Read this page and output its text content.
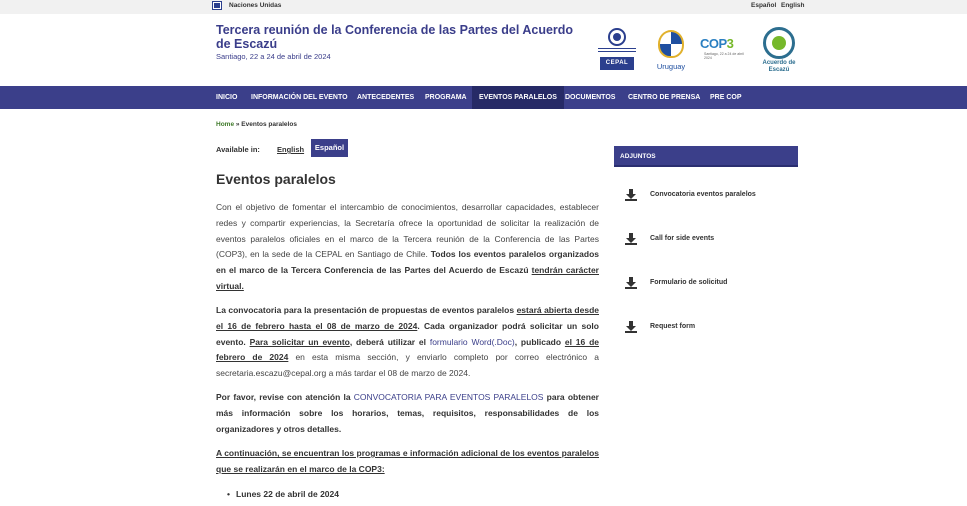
Naciones Unidas	Español English
Tercera reunión de la Conferencia de las Partes del Acuerdo de Escazú
Santiago, 22 a 24 de abril de 2024
CEPAL	Uruguay
COP3
Santiago, 22 a 24 de abril 2024
Acuerdo de Escazú
INICIO	INFORMACIÓN DEL EVENTO	ANTECEDENTES	PROGRAMA	EVENTOS PARALELOS	DOCUMENTOS	CENTRO DE PRENSA	PRE COP
Home » Eventos paralelos
Available in: English	Español
Eventos paralelos
Con el objetivo de fomentar el intercambio de conocimientos, desarrollar capacidades, establecer redes y compartir experiencias, la Secretaría ofrece la oportunidad de solicitar la realización de eventos paralelos oficiales en el marco de la Tercera reunión de la Conferencia de las Partes (COP3), en la sede de la CEPAL en Santiago de Chile. Todos los eventos paralelos organizados en el marco de la Tercera Conferencia de las Partes del Acuerdo de Escazú tendrán carácter virtual.
La convocatoria para la presentación de propuestas de eventos paralelos estará abierta desde el 16 de febrero hasta el 08 de marzo de 2024. Cada organizador podrá solicitar un solo evento. Para solicitar un evento, deberá utilizar el formulario Word(.Doc), publicado el 16 de febrero de 2024 en esta misma sección, y enviarlo completo por correo electrónico a secretaria.escazu@cepal.org a más tardar el 08 de marzo de 2024.
Por favor, revise con atención la CONVOCATORIA PARA EVENTOS PARALELOS para obtener más información sobre los horarios, temas, requisitos, responsabilidades de los organizadores y otros detalles.
A continuación, se encuentran los programas e información adicional de los eventos paralelos que se realizarán en el marco de la COP3:
• Lunes 22 de abril de 2024
ADJUNTOS
Convocatoria eventos paralelos
Call for side events
Formulario de solicitud
Request form
